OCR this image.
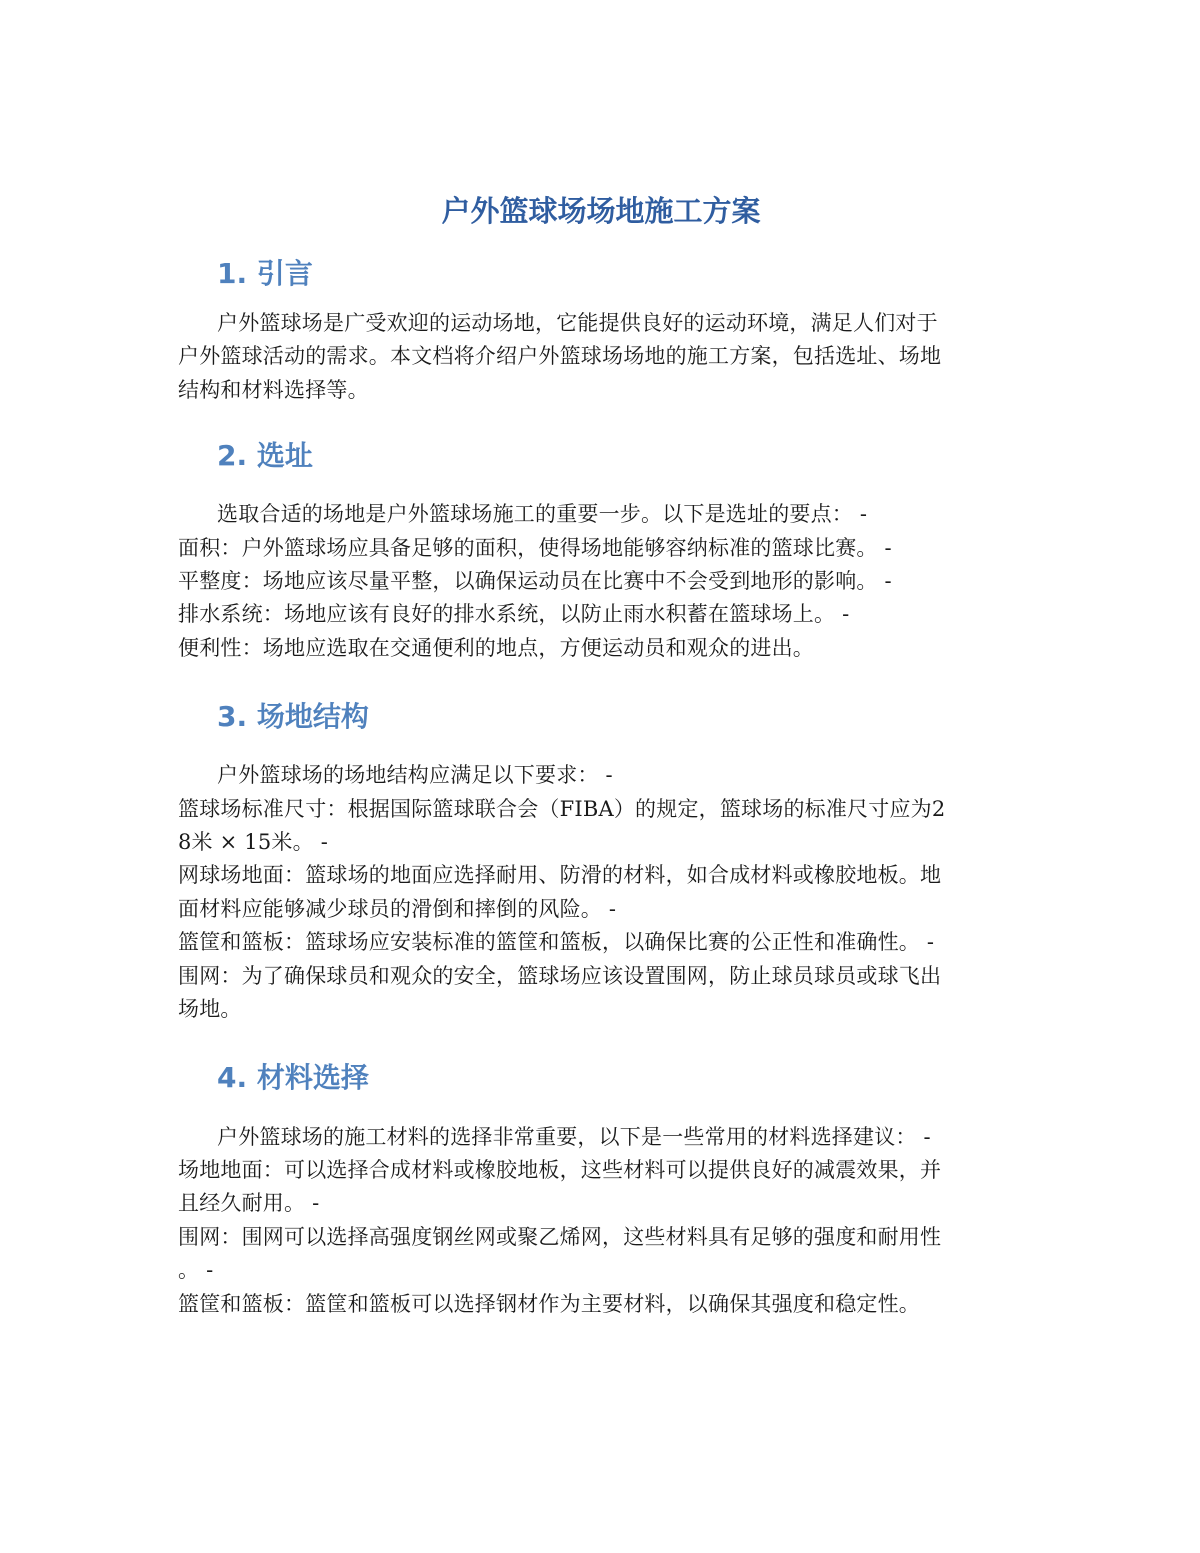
户外篮球场场地施工方案
1. 引言

户外篮球场是广受欢迎的运动场地，它能提供良好的运动环境，满足人们对于
户外篮球活动的需求。本文档将介绍户外篮球场场地的施工方案，包括选址、场地
结构和材料选择等。

2. 选址

选取合适的场地是户外篮球场施工的重要一步。以下是选址的要点： -
面积：户外篮球场应具备足够的面积，使得场地能够容纳标准的篮球比赛。 -
平整度：场地应该尽量平整，以确保运动员在比赛中不会受到地形的影响。 -
排水系统：场地应该有良好的排水系统，以防止雨水积蓄在篮球场上。 -
便利性：场地应选取在交通便利的地点，方便运动员和观众的进出。

3. 场地结构

户外篮球场的场地结构应满足以下要求： -
篮球场标准尺寸：根据国际篮球联合会（FIBA）的规定，篮球场的标准尺寸应为2
8米 × 15米。 -
网球场地面：篮球场的地面应选择耐用、防滑的材料，如合成材料或橡胶地板。地
面材料应能够减少球员的滑倒和摔倒的风险。 -
篮筐和篮板：篮球场应安装标准的篮筐和篮板，以确保比赛的公正性和准确性。 -
围网：为了确保球员和观众的安全，篮球场应该设置围网，防止球员球员或球飞出
场地。

4. 材料选择

户外篮球场的施工材料的选择非常重要，以下是一些常用的材料选择建议： -
场地地面：可以选择合成材料或橡胶地板，这些材料可以提供良好的减震效果，并
且经久耐用。 -
围网：围网可以选择高强度钢丝网或聚乙烯网，这些材料具有足够的强度和耐用性
。 -
篮筐和篮板：篮筐和篮板可以选择钢材作为主要材料，以确保其强度和稳定性。
